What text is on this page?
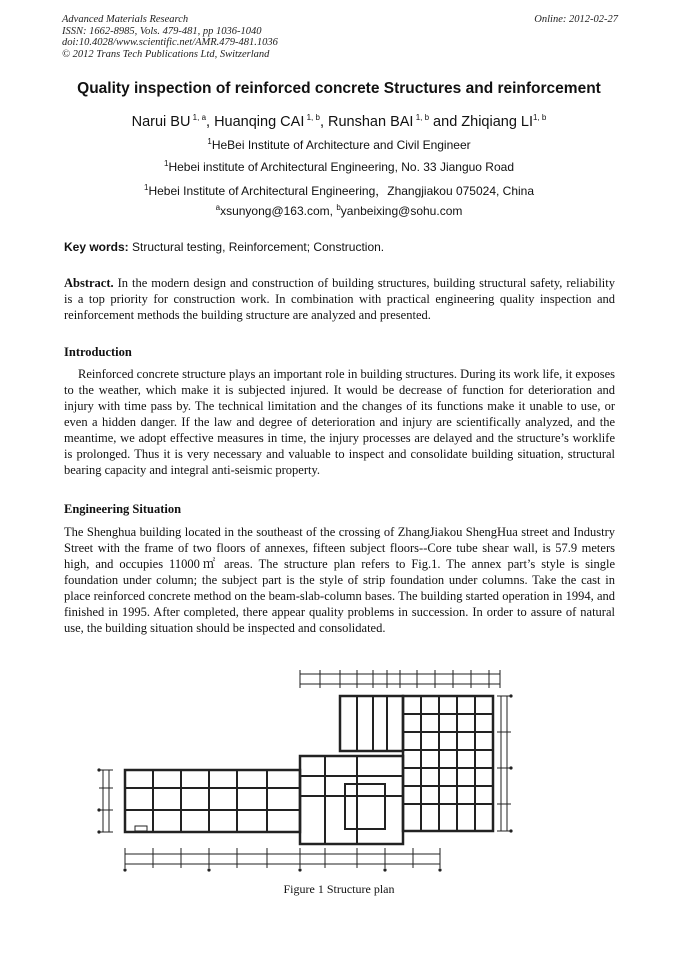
Advanced Materials Research
ISSN: 1662-8985, Vols. 479-481, pp 1036-1040
doi:10.4028/www.scientific.net/AMR.479-481.1036
© 2012 Trans Tech Publications Ltd, Switzerland
Online: 2012-02-27
Quality inspection of reinforced concrete Structures and reinforcement
Narui BU $^{1, a}$, Huanqing CAI $^{1, b}$, Runshan BAI $^{1, b}$ and Zhiqiang LI$^{1, b}$
$^1$HeBei Institute of Architecture and Civil Engineer
$^1$Hebei institute of Architectural Engineering, No. 33 Jianguo Road
$^1$Hebei Institute of Architectural Engineering，Zhangjiakou 075024, China
$^a$xsunyong@163.com, $^b$yanbeixing@sohu.com
Key words: Structural testing, Reinforcement; Construction.
Abstract. In the modern design and construction of building structures, building structural safety, reliability is a top priority for construction work. In combination with practical engineering quality inspection and reinforcement methods the building structure are analyzed and presented.
Introduction
Reinforced concrete structure plays an important role in building structures. During its work life, it exposes to the weather, which make it is subjected injured. It would be decrease of function for deterioration and injury with time pass by. The technical limitation and the changes of its functions make it unable to use, or even a hidden danger. If the law and degree of deterioration and injury are scientifically analyzed, and the meantime, we adopt effective measures in time, the injury processes are delayed and the structure’s worklife is prolonged. Thus it is very necessary and valuable to inspect and consolidate building situation, structural bearing capacity and integral anti-seismic property.
Engineering Situation
The Shenghua building located in the southeast of the crossing of ZhangJiakou ShengHua street and Industry Street with the frame of two floors of annexes, fifteen subject floors--Core tube shear wall, is 57.9 meters high, and occupies 11000㎡ areas. The structure plan refers to Fig.1. The annex part’s style is single foundation under column; the subject part is the style of strip foundation under columns. Take the cast in place reinforced concrete method on the beam-slab-column bases. The building started operation in 1994, and finished in 1995. After completed, there appear quality problems in succession. In order to assure of natural use, the building situation should be inspected and consolidated.
Figure 1 Structure plan
